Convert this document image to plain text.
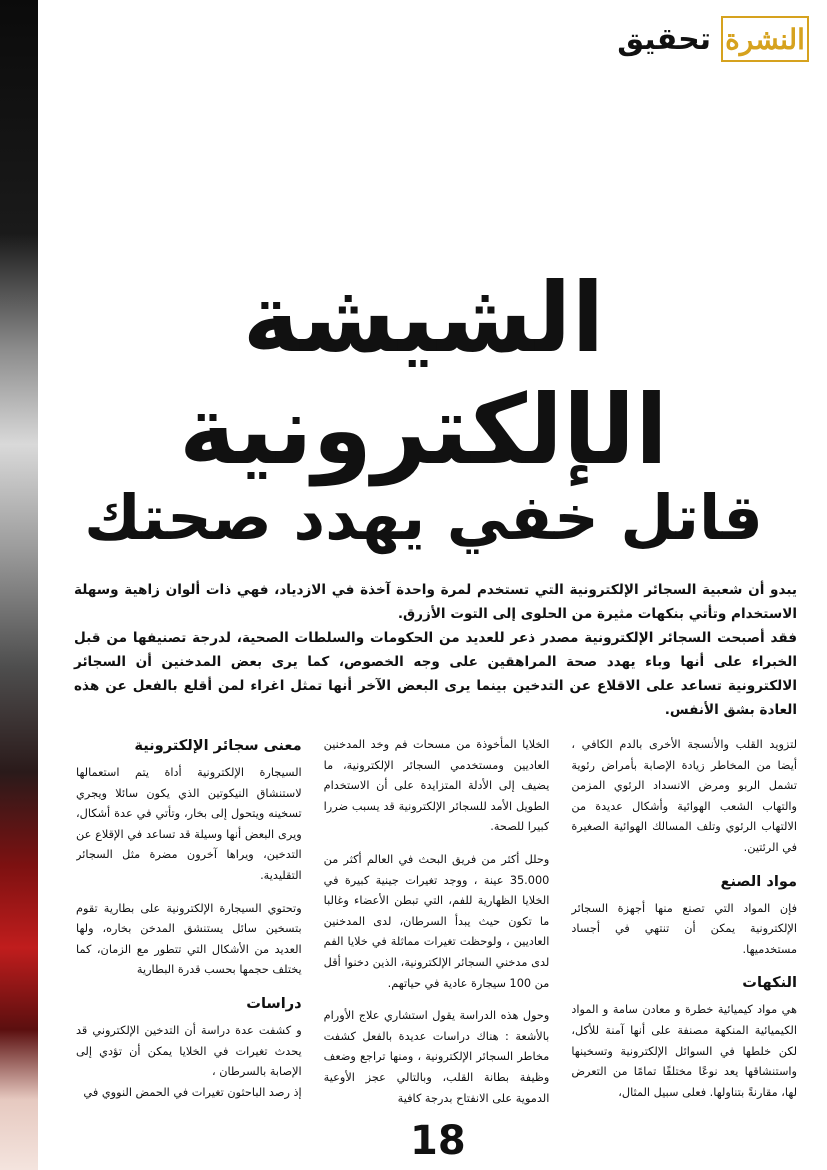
النشرة
تحقيق
الشيشة
الإلكترونية
قاتل خفي يهدد صحتك

يبدو أن شعبية السجائر الإلكترونية التي تستخدم لمرة واحدة آخذة في الازدياد، فهي ذات ألوان زاهية وسهلة الاستخدام وتأتي بنكهات مثيرة من الحلوى إلى التوت الأزرق.

فقد أصبحت السجائر الإلكترونية مصدر ذعر للعديد من الحكومات والسلطات الصحية، لدرجة تصنيفها من قبل الخبراء على أنها وباء يهدد صحة المراهقين على وجه الخصوص، كما يرى بعض المدخنين أن السجائر الالكترونية تساعد على الاقلاع عن التدخين بينما يرى البعض الآخر أنها تمثل اغراء لمن أقلع بالفعل عن هذه العادة بشق الأنفس.

معنى سجائر الإلكترونية

السيجارة الإلكترونية أداة يتم استعمالها لاستنشاق النيكوتين الذي يكون سائلا ويجري تسخينه ويتحول إلى بخار، وتأتي في عدة أشكال، ويرى البعض أنها وسيلة قد تساعد في الإقلاع عن التدخين، ويراها آخرون مضرة مثل السجائر التقليدية.

وتحتوي السيجارة الإلكترونية على بطارية تقوم بتسخين سائل يستنشق المدخن بخاره، ولها العديد من الأشكال التي تتطور مع الزمان، كما يختلف حجمها بحسب قدرة البطارية

دراسات

و كشفت عدة دراسة أن التدخين الإلكتروني قد يحدث تغيرات في الخلايا يمكن أن تؤدي إلى الإصابة بالسرطان ،

إذ رصد الباحثون تغيرات في الحمض النووي في

الخلايا المأخوذة من مسحات فم وخد المدخنين العاديين ومستخدمي السجائر الإلكترونية، ما يضيف إلى الأدلة المتزايدة على أن الاستخدام الطويل الأمد للسجائر الإلكترونية قد يسبب ضررا كبيرا للصحة.

وحلل أكثر من فريق البحث في العالم أكثر من 35.000 عينة ، ووجد تغيرات جينية كبيرة في الخلايا الظهارية للفم، التي تبطن الأعضاء وغالبا ما تكون حيث يبدأ السرطان، لدى المدخنين العاديين ، ولوحظت تغيرات مماثلة في خلايا الفم لدى مدخني السجائر الإلكترونية، الذين دخنوا أقل من 100 سيجارة عادية في حياتهم.

وحول هذه الدراسة يقول استشاري علاج الأورام بالأشعة : هناك دراسات عديدة بالفعل كشفت مخاطر السجائر الإلكترونية ، ومنها تراجع وضعف وظيفة بطانة القلب، وبالتالي عجز الأوعية الدموية على الانفتاح بدرجة كافية

لتزويد القلب والأنسجة الأخرى بالدم الكافي ، أيضا من المخاطر زيادة الإصابة بأمراض رئوية تشمل الربو ومرض الانسداد الرئوي المزمن والتهاب الشعب الهوائية وأشكال عديدة من الالتهاب الرئوي وتلف المسالك الهوائية الصغيرة في الرئتين.

مواد الصنع

فإن المواد التي تصنع منها أجهزة السجائر الإلكترونية يمكن أن تنتهي في أجساد مستخدميها.

النكهات

هي مواد كيميائية خطرة و معادن سامة و المواد الكيميائية المنكهة مصنفة على أنها آمنة للأكل، لكن خلطها في السوائل الإلكترونية وتسخينها واستنشاقها يعد نوعًا مختلفًا تمامًا من التعرض لها، مقارنةً بتناولها. فعلى سبيل المثال،

18
